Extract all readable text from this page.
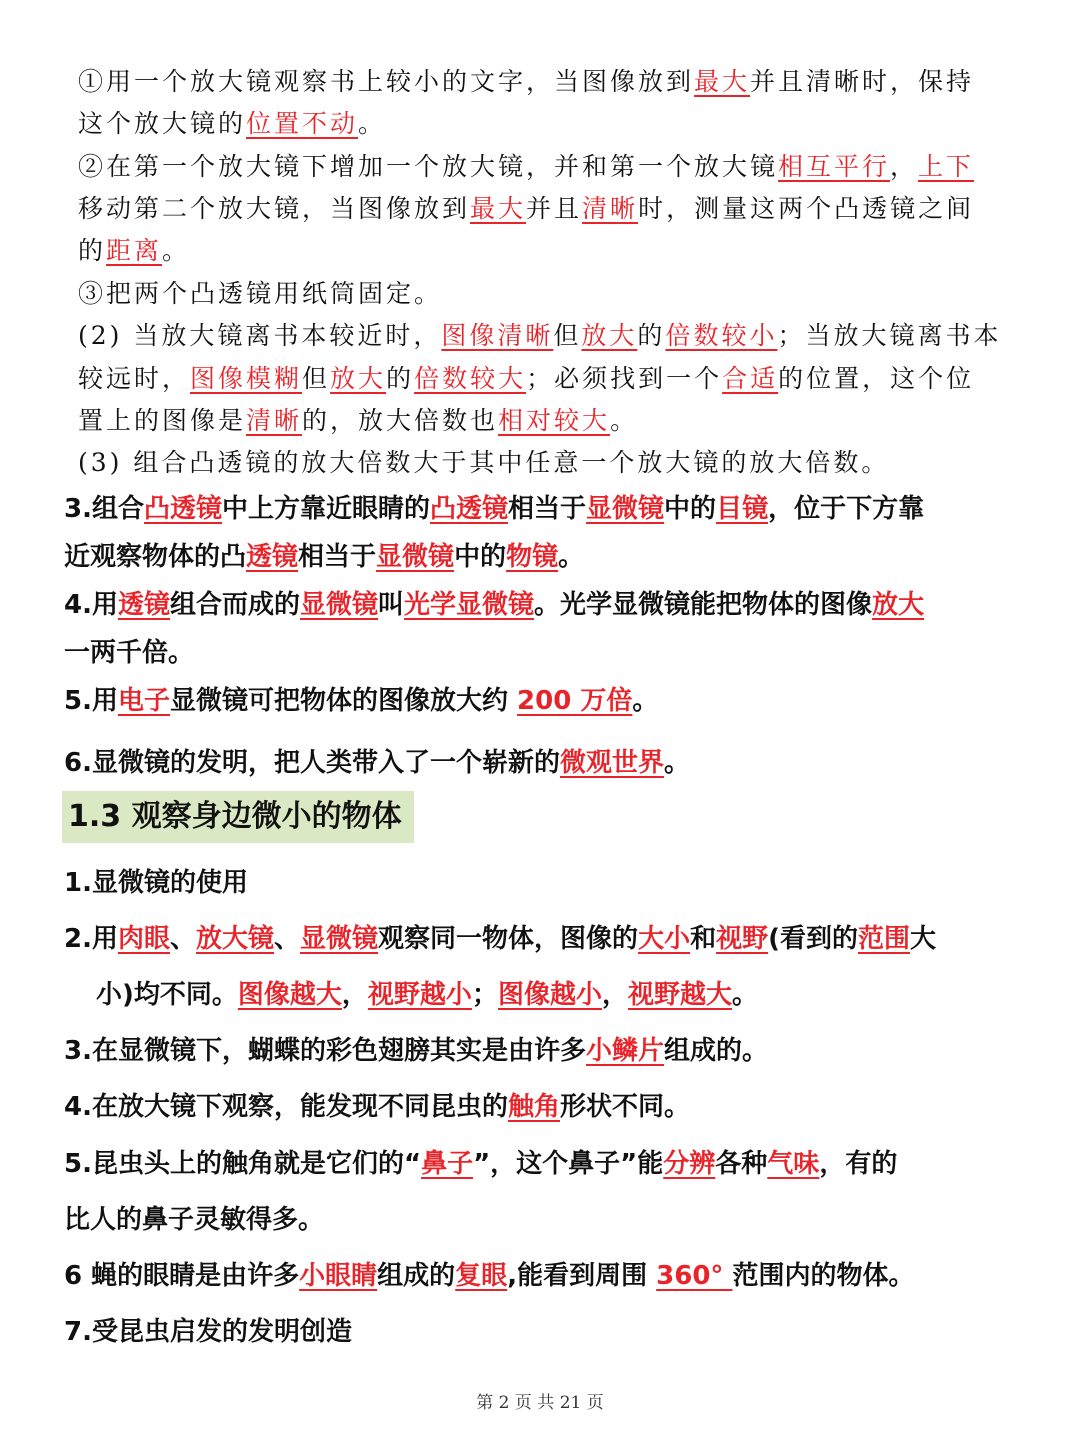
①用一个放大镜观察书上较小的文字，当图像放到最大并且清晰时，保持

这个放大镜的位置不动。

②在第一个放大镜下增加一个放大镜，并和第一个放大镜相互平行，上下

移动第二个放大镜，当图像放到最大并且清晰时，测量这两个凸透镜之间

的距离。

③把两个凸透镜用纸筒固定。

(2) 当放大镜离书本较近时，图像清晰但放大的倍数较小；当放大镜离书本

较远时，图像模糊但放大的倍数较大；必须找到一个合适的位置，这个位

置上的图像是清晰的，放大倍数也相对较大。

(3) 组合凸透镜的放大倍数大于其中任意一个放大镜的放大倍数。

3.组合凸透镜中上方靠近眼睛的凸透镜相当于显微镜中的目镜，位于下方靠

近观察物体的凸透镜相当于显微镜中的物镜。

4.用透镜组合而成的显微镜叫光学显微镜。光学显微镜能把物体的图像放大

一两千倍。

5.用电子显微镜可把物体的图像放大约 200 万倍。

6.显微镜的发明，把人类带入了一个崭新的微观世界。

1.3 观察身边微小的物体

1.显微镜的使用

2.用肉眼、放大镜、显微镜观察同一物体，图像的大小和视野(看到的范围大

小)均不同。图像越大，视野越小；图像越小，视野越大。

3.在显微镜下，蝴蝶的彩色翅膀其实是由许多小鳞片组成的。

4.在放大镜下观察，能发现不同昆虫的触角形状不同。

5.昆虫头上的触角就是它们的“鼻子”，这个鼻子”能分辨各种气味，有的

比人的鼻子灵敏得多。

6 蝇的眼睛是由许多小眼睛组成的复眼,能看到周围 360° 范围内的物体。

7.受昆虫启发的发明创造

第 2 页 共 21 页
